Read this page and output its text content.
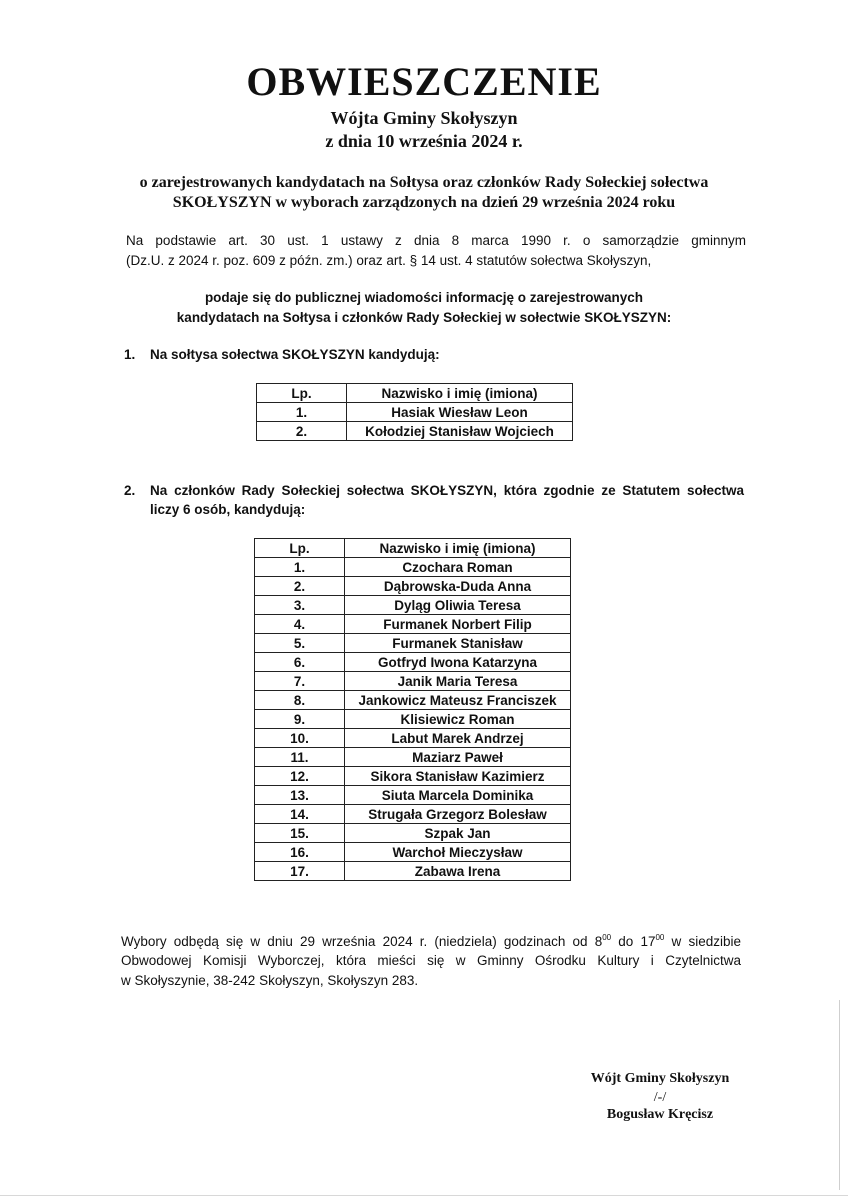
OBWIESZCZENIE
Wójta Gminy Skołyszyn
z dnia 10 września 2024 r.
o zarejestrowanych kandydatach na Sołtysa oraz członków Rady Sołeckiej sołectwa
SKOŁYSZYN w wyborach zarządzonych na dzień 29 września 2024 roku
Na podstawie art. 30 ust. 1 ustawy z dnia 8 marca 1990 r. o samorządzie gminnym
(Dz.U. z 2024 r. poz. 609 z późn. zm.) oraz art. § 14 ust. 4 statutów sołectwa Skołyszyn,
podaje się do publicznej wiadomości informację o zarejestrowanych
kandydatach na Sołtysa i członków Rady Sołeckiej w sołectwie SKOŁYSZYN:
1. Na sołtysa sołectwa SKOŁYSZYN kandydują:
Lp.	Nazwisko i imię (imiona)
1.	Hasiak Wiesław Leon
2.	Kołodziej Stanisław Wojciech
2. Na członków Rady Sołeckiej sołectwa SKOŁYSZYN, która zgodnie ze Statutem sołectwa
liczy 6 osób, kandydują:
Lp.	Nazwisko i imię (imiona)
1.	Czochara Roman
2.	Dąbrowska-Duda Anna
3.	Dyląg Oliwia Teresa
4.	Furmanek Norbert Filip
5.	Furmanek Stanisław
6.	Gotfryd Iwona Katarzyna
7.	Janik Maria Teresa
8.	Jankowicz Mateusz Franciszek
9.	Klisiewicz Roman
10.	Labut Marek Andrzej
11.	Maziarz Paweł
12.	Sikora Stanisław Kazimierz
13.	Siuta Marcela Dominika
14.	Strugała Grzegorz Bolesław
15.	Szpak Jan
16.	Warchoł Mieczysław
17.	Zabawa Irena
Wybory odbędą się w dniu 29 września 2024 r. (niedziela) godzinach od $8^{00}$ do $17^{00}$ w siedzibie
Obwodowej Komisji Wyborczej, która mieści się w Gminny Ośrodku Kultury i Czytelnictwa
w Skołyszynie, 38-242 Skołyszyn, Skołyszyn 283.
Wójt Gminy Skołyszyn
/-/
Bogusław Kręcisz
